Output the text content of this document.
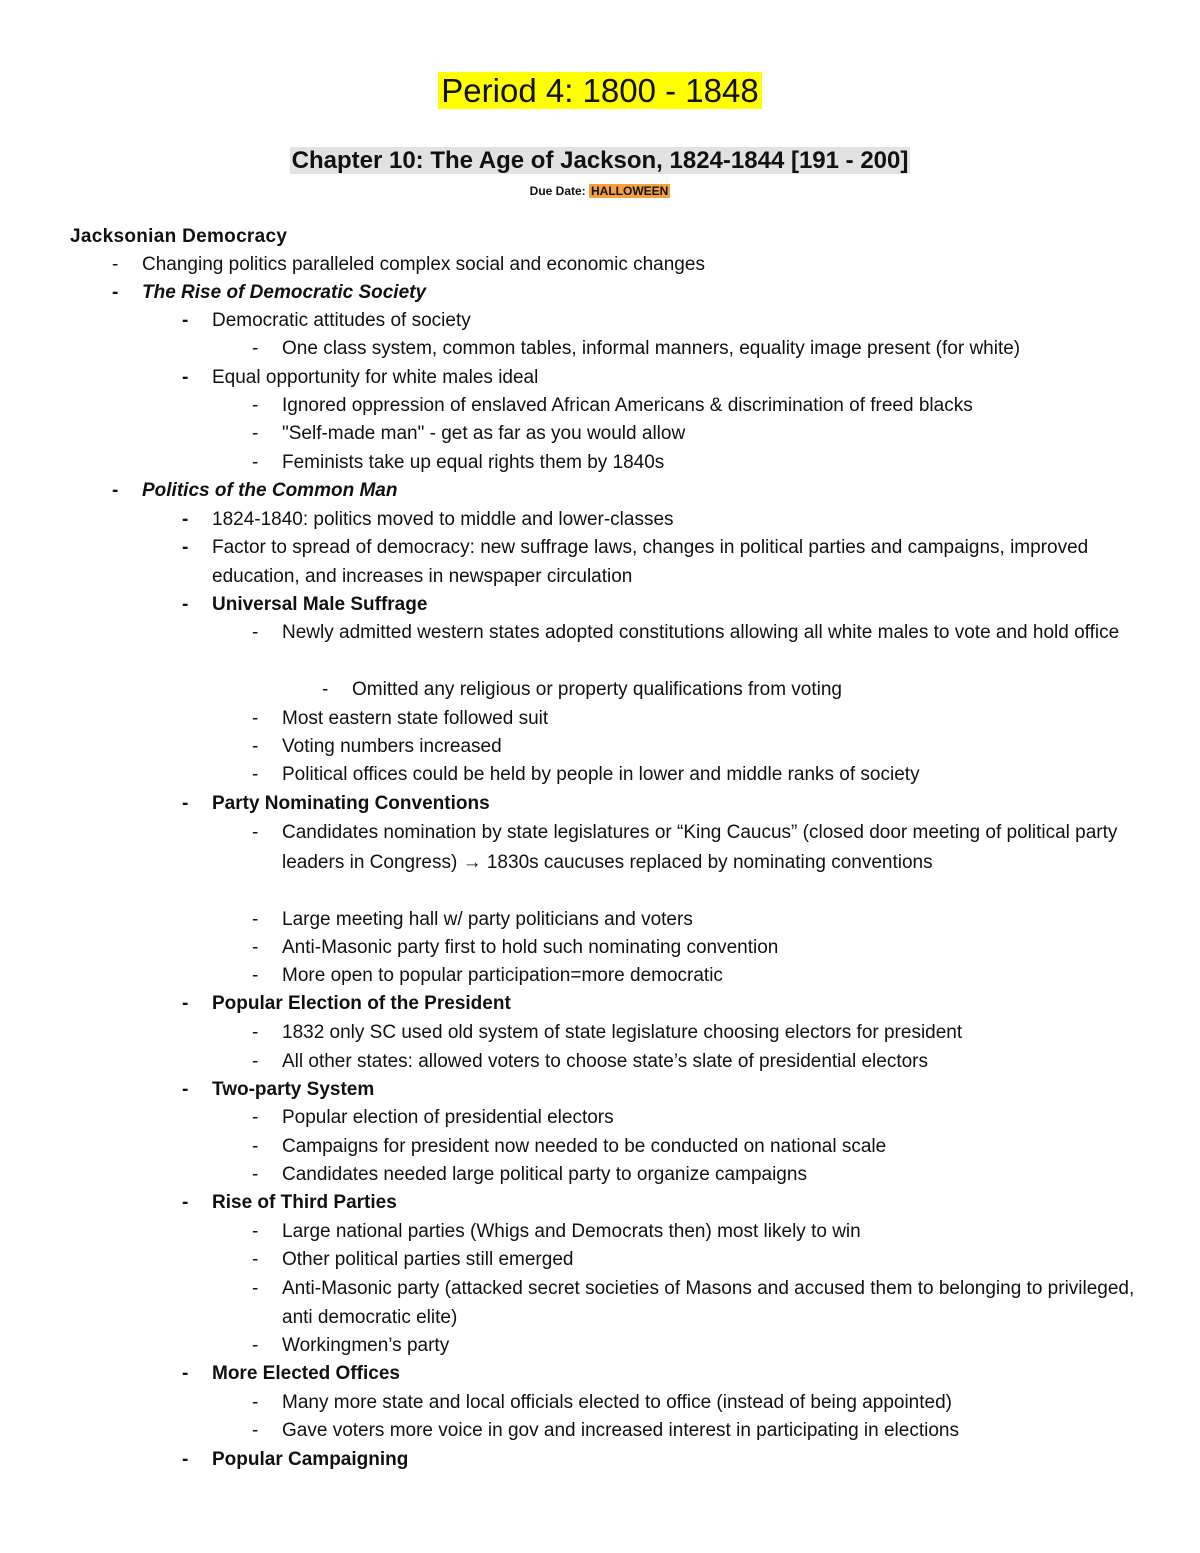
Period 4: 1800 - 1848
Chapter 10: The Age of Jackson, 1824-1844 [191 - 200]
Due Date: HALLOWEEN
Jacksonian Democracy
- Changing politics paralleled complex social and economic changes
- The Rise of Democratic Society
- Democratic attitudes of society
- One class system, common tables, informal manners, equality image present (for white)
- Equal opportunity for white males ideal
- Ignored oppression of enslaved African Americans & discrimination of freed blacks
- "Self-made man" - get as far as you would allow
- Feminists take up equal rights them by 1840s
- Politics of the Common Man
- 1824-1840: politics moved to middle and lower-classes
- Factor to spread of democracy: new suffrage laws, changes in political parties and campaigns, improved education, and increases in newspaper circulation
- Universal Male Suffrage
- Newly admitted western states adopted constitutions allowing all white males to vote and hold office
- Omitted any religious or property qualifications from voting
- Most eastern state followed suit
- Voting numbers increased
- Political offices could be held by people in lower and middle ranks of society
- Party Nominating Conventions
- Candidates nomination by state legislatures or “King Caucus” (closed door meeting of political party leaders in Congress) → 1830s caucuses replaced by nominating conventions
- Large meeting hall w/ party politicians and voters
- Anti-Masonic party first to hold such nominating convention
- More open to popular participation=more democratic
- Popular Election of the President
- 1832 only SC used old system of state legislature choosing electors for president
- All other states: allowed voters to choose state’s slate of presidential electors
- Two-party System
- Popular election of presidential electors
- Campaigns for president now needed to be conducted on national scale
- Candidates needed large political party to organize campaigns
- Rise of Third Parties
- Large national parties (Whigs and Democrats then) most likely to win
- Other political parties still emerged
- Anti-Masonic party (attacked secret societies of Masons and accused them to belonging to privileged, anti democratic elite)
- Workingmen’s party
- More Elected Offices
- Many more state and local officials elected to office (instead of being appointed)
- Gave voters more voice in gov and increased interest in participating in elections
- Popular Campaigning
